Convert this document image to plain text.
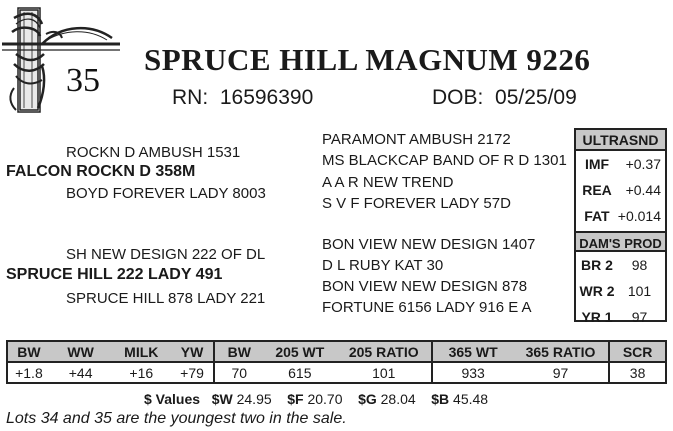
35
SPRUCE HILL MAGNUM 9226
RN: 16596390	DOB: 05/25/09
ROCKN D AMBUSH 1531
FALCON ROCKN D 358M
BOYD FOREVER LADY 8003
SH NEW DESIGN 222 OF DL
SPRUCE HILL 222 LADY 491
SPRUCE HILL 878 LADY 221
PARAMONT AMBUSH 2172
MS BLACKCAP BAND OF R D 1301
A A R NEW TREND
S V F FOREVER LADY 57D
BON VIEW NEW DESIGN 1407
D L RUBY KAT 30
BON VIEW NEW DESIGN 878
FORTUNE 6156 LADY 916 E A
ULTRASND
IMF	+0.37
REA +0.44
FAT +0.014
DAM'S PROD
BR 2	98
WR 2 101
YR 1	97
BW	WW	MILK	YW	BW	205 WT	205 RATIO	365 WT	365 RATIO	SCR
+1.8	+44	+16	+79	70	615	101	933	97	38
$ Values $W 24.95 $F 20.70 $G 28.04 $B 45.48
Lots 34 and 35 are the youngest two in the sale.
